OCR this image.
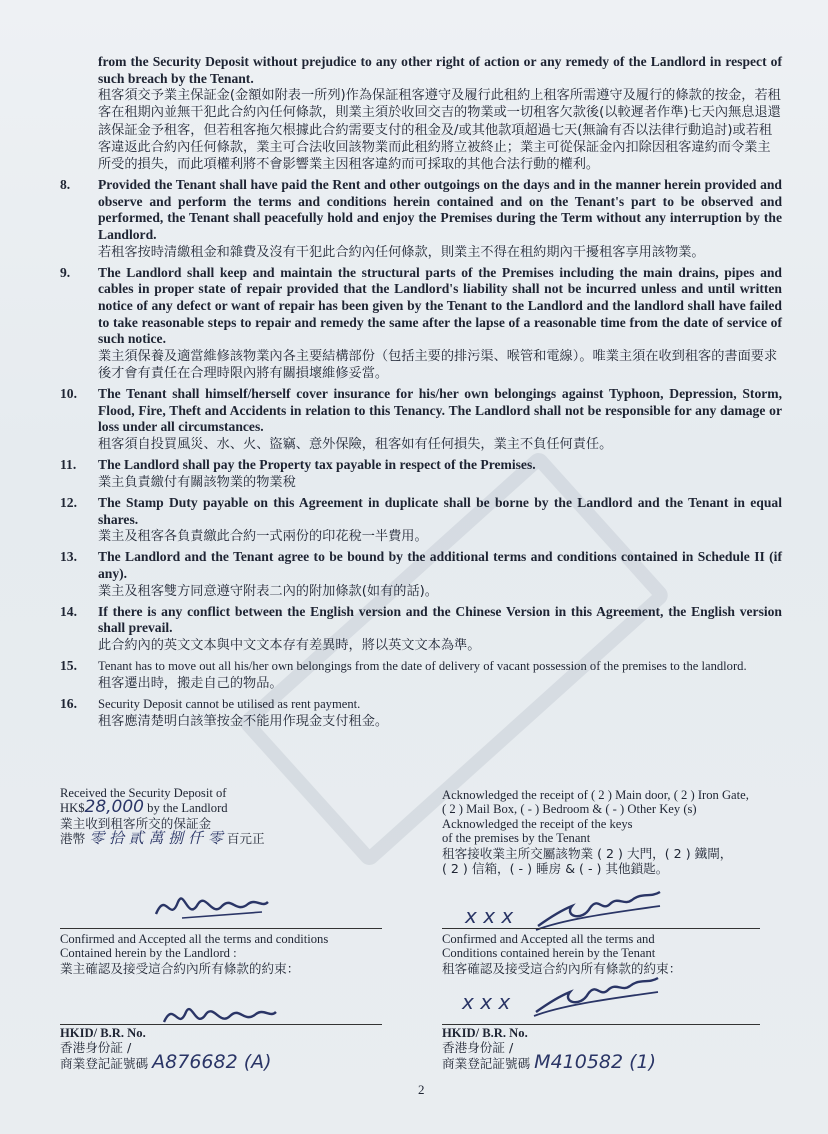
from the Security Deposit without prejudice to any other right of action or any remedy of the Landlord in respect of such breach by the Tenant.
租客須交予業主保証金(金額如附表一所列)作為保証租客遵守及履行此租約上租客所需遵守及履行的條款的按金，若租客在租期內並無干犯此合約內任何條款，則業主須於收回交吉的物業或一切租客欠款後(以較遲者作準)七天內無息退還該保証金予租客，但若租客拖欠根據此合約需要支付的租金及/或其他款項超過七天(無論有否以法律行動追討)或若租客違返此合約內任何條款，業主可合法收回該物業而此租約將立被終止；業主可從保証金內扣除因租客違約而令業主所受的損失，而此項權利將不會影響業主因租客違約而可採取的其他合法行動的權利。
8. Provided the Tenant shall have paid the Rent and other outgoings on the days and in the manner herein provided and observe and perform the terms and conditions herein contained and on the Tenant's part to be observed and performed, the Tenant shall peacefully hold and enjoy the Premises during the Term without any interruption by the Landlord.
若租客按時清繳租金和雜費及沒有干犯此合約內任何條款，則業主不得在租約期內干擾租客享用該物業。
9. The Landlord shall keep and maintain the structural parts of the Premises including the main drains, pipes and cables in proper state of repair provided that the Landlord's liability shall not be incurred unless and until written notice of any defect or want of repair has been given by the Tenant to the Landlord and the landlord shall have failed to take reasonable steps to repair and remedy the same after the lapse of a reasonable time from the date of service of such notice.
業主須保養及適當維修該物業內各主要結構部份（包括主要的排污渠、喉管和電線）。唯業主須在收到租客的書面要求後才會有責任在合理時限內將有關損壞維修妥當。
10. The Tenant shall himself/herself cover insurance for his/her own belongings against Typhoon, Depression, Storm, Flood, Fire, Theft and Accidents in relation to this Tenancy. The Landlord shall not be responsible for any damage or loss under all circumstances.
租客須自投買風災、水、火、盜竊、意外保險，租客如有任何損失，業主不負任何責任。
11. The Landlord shall pay the Property tax payable in respect of the Premises.
業主負責繳付有關該物業的物業稅
12. The Stamp Duty payable on this Agreement in duplicate shall be borne by the Landlord and the Tenant in equal shares.
業主及租客各負責繳此合約一式兩份的印花稅一半費用。
13. The Landlord and the Tenant agree to be bound by the additional terms and conditions contained in Schedule II (if any).
業主及租客雙方同意遵守附表二內的附加條款(如有的話)。
14. If there is any conflict between the English version and the Chinese Version in this Agreement, the English version shall prevail.
此合約內的英文文本與中文文本存有差異時，將以英文文本為準。
15. Tenant has to move out all his/her own belongings from the date of delivery of vacant possession of the premises to the landlord.
租客遷出時，搬走自己的物品。
16. Security Deposit cannot be utilised as rent payment.
租客應清楚明白該筆按金不能用作現金支付租金。
Received the Security Deposit of
HK$28,000 by the Landlord
業主收到租客所交的保証金
港幣 零 拾 貳 萬 捌 仟 零 百元正
Acknowledged the receipt of ( 2 ) Main door, ( 2 ) Iron Gate,
( 2 ) Mail Box, ( - ) Bedroom & ( - ) Other Key (s)
Acknowledged the receipt of the keys
of the premises by the Tenant
租客接收業主所交屬該物業 ( 2 ) 大門，( 2 ) 鐵閘，
( 2 ) 信箱，( - ) 睡房 & ( - ) 其他鎖匙。
x x x
Confirmed and Accepted all the terms and conditions
Contained herein by the Landlord :
業主確認及接受這合約內所有條款的約束：
Confirmed and Accepted all the terms and
Conditions contained herein by the Tenant
租客確認及接受這合約內所有條款的約束：
x x x
HKID/ B.R. No.
香港身份証 /
商業登記証號碼 A876682 (A)
HKID/ B.R. No.
香港身份証 /
商業登記証號碼 M410582 (1)
2
